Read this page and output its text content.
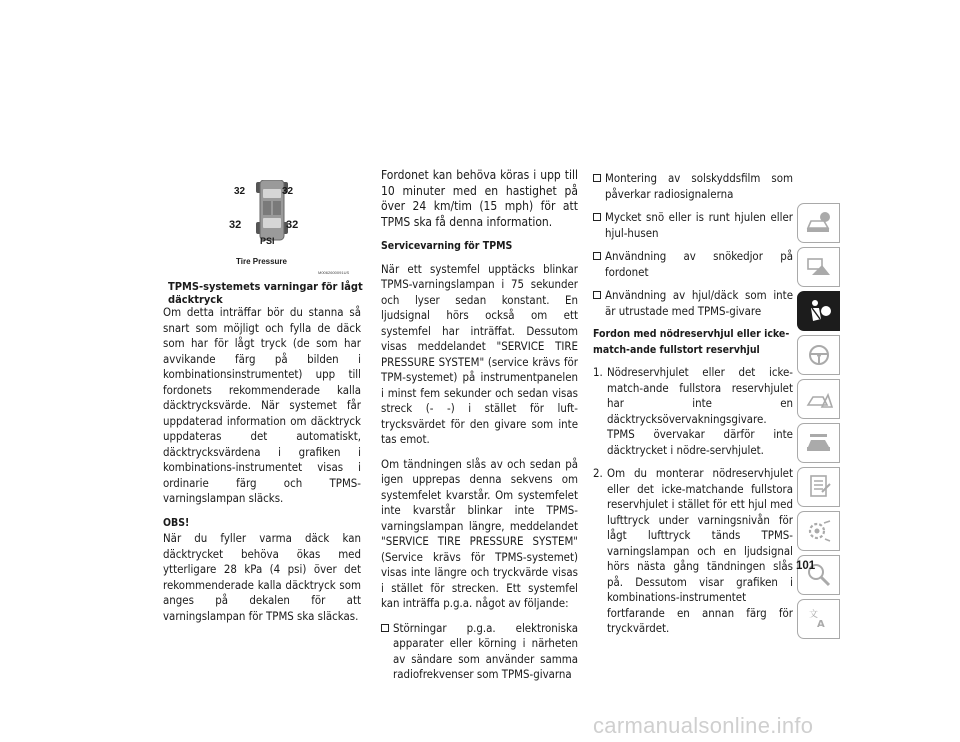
32	32
32	32
PSI
Tire Pressure
M0062600091US
TPMS-systemets varningar för lågt däcktryck

Om detta inträffar bör du stanna så snart som möjligt och fylla de däck som har för lågt tryck (de som har avvikande färg på bilden i kombinationsinstrumentet) upp till fordonets rekommenderade kalla däcktrycksvärde. När systemet får uppdaterad information om däcktryck uppdateras det automatiskt, däcktrycksvärdena i grafiken i kombinations-instrumentet visas i ordinarie färg och TPMS-varningslampan släcks.

OBS!

När du fyller varma däck kan däcktrycket behöva ökas med ytterligare 28 kPa (4 psi) över det rekommenderade kalla däcktryck som anges på dekalen för att varningslampan för TPMS ska släckas.

Fordonet kan behöva köras i upp till 10 minuter med en hastighet på över 24 km/tim (15 mph) för att TPMS ska få denna information.

Servicevarning för TPMS

När ett systemfel upptäcks blinkar TPMS-varningslampan i 75 sekunder och lyser sedan konstant. En ljudsignal hörs också om ett systemfel har inträffat. Dessutom visas meddelandet "SERVICE TIRE PRESSURE SYSTEM" (service krävs för TPM-systemet) på instrumentpanelen i minst fem sekunder och sedan visas streck (- -) i stället för luft-trycksvärdet för den givare som inte tas emot.

Om tändningen slås av och sedan på igen upprepas denna sekvens om systemfelet kvarstår. Om systemfelet inte kvarstår blinkar inte TPMS-varningslampan längre, meddelandet "SERVICE TIRE PRESSURE SYSTEM" (Service krävs för TPMS-systemet) visas inte längre och tryckvärde visas i stället för strecken. Ett systemfel kan inträffa p.g.a. något av följande:

Störningar p.g.a. elektroniska apparater eller körning i närheten av sändare som använder samma radiofrekvenser som TPMS-givarna
Montering av solskyddsfilm som påverkar radiosignalerna
Mycket snö eller is runt hjulen eller hjul-husen
Användning av snökedjor på fordonet
Användning av hjul/däck som inte är utrustade med TPMS-givare
Fordon med nödreservhjul eller icke-match-ande fullstort reservhjul
1. Nödreservhjulet eller det icke-match-ande fullstora reservhjulet har inte en däcktrycksövervakningsgivare. TPMS övervakar därför inte däcktrycket i nödre-servhjulet.
2. Om du monterar nödreservhjulet eller det icke-matchande fullstora reservhjulet i stället för ett hjul med lufttryck under varningsnivån för lågt lufttryck tänds TPMS-varningslampan och en ljudsignal hörs nästa gång tändningen slås på. Dessutom visar grafiken i kombinations-instrumentet fortfarande en annan färg för tryckvärdet.
文
A
101
carmanualsonline.info
